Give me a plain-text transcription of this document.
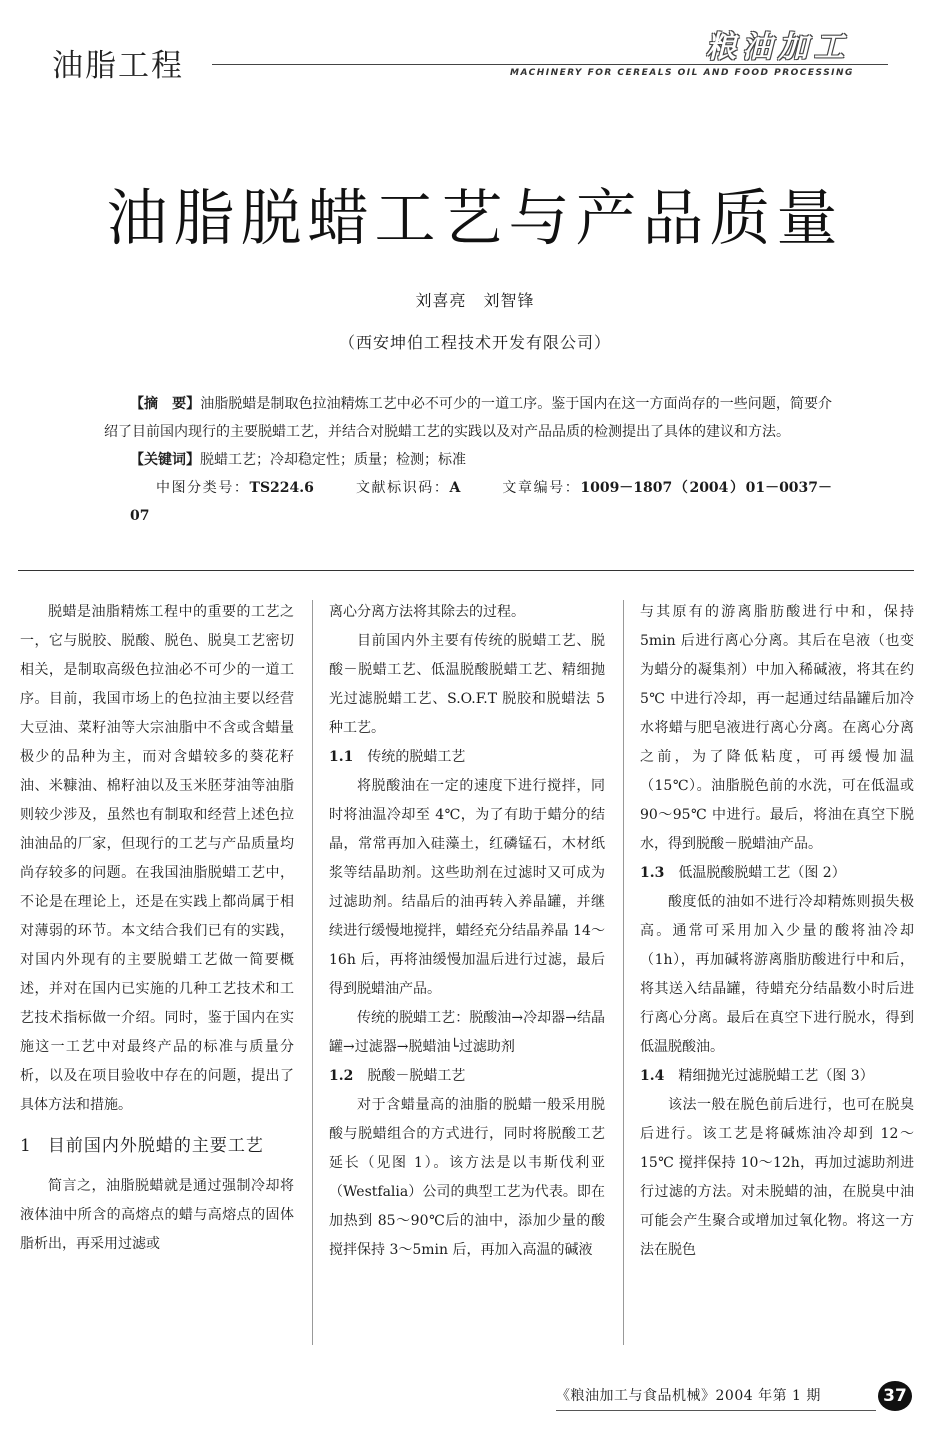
油脂工程
粮油加工
MACHINERY FOR CEREALS OIL AND FOOD PROCESSING
油脂脱蜡工艺与产品质量
刘喜亮　刘智锋
（西安坤伯工程技术开发有限公司）

【摘　要】油脂脱蜡是制取色拉油精炼工艺中必不可少的一道工序。鉴于国内在这一方面尚存的一些问题，简要介绍了目前国内现行的主要脱蜡工艺，并结合对脱蜡工艺的实践以及对产品品质的检测提出了具体的建议和方法。

【关键词】脱蜡工艺；冷却稳定性；质量；检测；标准

中图分类号：TS224.6	文献标识码：A	文章编号：1009－1807（2004）01－0037－07

脱蜡是油脂精炼工程中的重要的工艺之一，它与脱胶、脱酸、脱色、脱臭工艺密切相关，是制取高级色拉油必不可少的一道工序。目前，我国市场上的色拉油主要以经营大豆油、菜籽油等大宗油脂中不含或含蜡量极少的品种为主，而对含蜡较多的葵花籽油、米糠油、棉籽油以及玉米胚芽油等油脂则较少涉及，虽然也有制取和经营上述色拉油油品的厂家，但现行的工艺与产品质量均尚存较多的问题。在我国油脂脱蜡工艺中，不论是在理论上，还是在实践上都尚属于相对薄弱的环节。本文结合我们已有的实践，对国内外现有的主要脱蜡工艺做一简要概述，并对在国内已实施的几种工艺技术和工艺技术指标做一介绍。同时，鉴于国内在实施这一工艺中对最终产品的标准与质量分析，以及在项目验收中存在的问题，提出了具体方法和措施。

1 目前国内外脱蜡的主要工艺

简言之，油脂脱蜡就是通过强制冷却将液体油中所含的高熔点的蜡与高熔点的固体脂析出，再采用过滤或

离心分离方法将其除去的过程。

目前国内外主要有传统的脱蜡工艺、脱酸－脱蜡工艺、低温脱酸脱蜡工艺、精细抛光过滤脱蜡工艺、S.O.F.T 脱胶和脱蜡法 5 种工艺。

1.1 传统的脱蜡工艺

将脱酸油在一定的速度下进行搅拌，同时将油温冷却至 4℃，为了有助于蜡分的结晶，常常再加入硅藻土，红磷锰石，木材纸浆等结晶助剂。这些助剂在过滤时又可成为过滤助剂。结晶后的油再转入养晶罐，并继续进行缓慢地搅拌，蜡经充分结晶养晶 14～16h 后，再将油缓慢加温后进行过滤，最后得到脱蜡油产品。

传统的脱蜡工艺：脱酸油→冷却器→结晶罐→过滤器→脱蜡油└过滤助剂

1.2 脱酸－脱蜡工艺

对于含蜡量高的油脂的脱蜡一般采用脱酸与脱蜡组合的方式进行，同时将脱酸工艺延长（见图 1）。该方法是以韦斯伐利亚（Westfalia）公司的典型工艺为代表。即在加热到 85～90℃后的油中，添加少量的酸搅拌保持 3～5min 后，再加入高温的碱液

与其原有的游离脂肪酸进行中和，保持 5min 后进行离心分离。其后在皂液（也变为蜡分的凝集剂）中加入稀碱液，将其在约 5℃ 中进行冷却，再一起通过结晶罐后加冷水将蜡与肥皂液进行离心分离。在离心分离之前，为了降低粘度，可再缓慢加温（15℃）。油脂脱色前的水洗，可在低温或 90～95℃ 中进行。最后，将油在真空下脱水，得到脱酸－脱蜡油产品。

1.3 低温脱酸脱蜡工艺（图 2）

酸度低的油如不进行冷却精炼则损失极高。通常可采用加入少量的酸将油冷却（1h），再加碱将游离脂肪酸进行中和后，将其送入结晶罐，待蜡充分结晶数小时后进行离心分离。最后在真空下进行脱水，得到低温脱酸油。

1.4 精细抛光过滤脱蜡工艺（图 3）

该法一般在脱色前后进行，也可在脱臭后进行。该工艺是将碱炼油冷却到 12～15℃ 搅拌保持 10～12h，再加过滤助剂进行过滤的方法。对未脱蜡的油，在脱臭中油可能会产生聚合或增加过氧化物。将这一方法在脱色

《粮油加工与食品机械》2004 年第 1 期	37
